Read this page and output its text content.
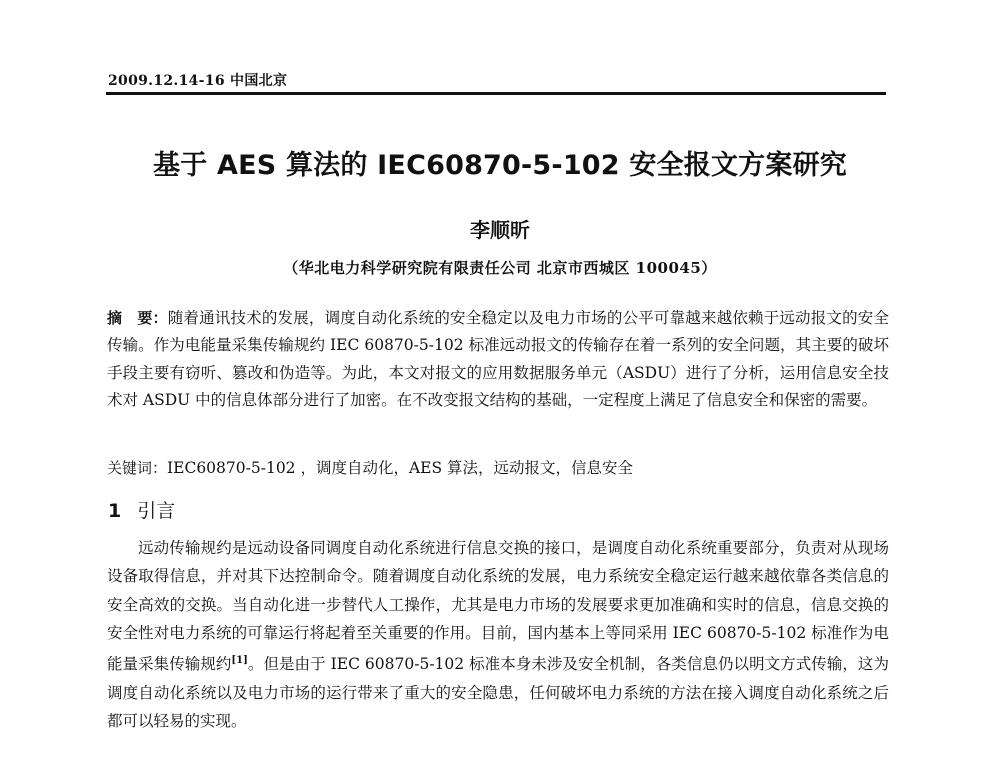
2009.12.14-16 中国北京
基于 AES 算法的 IEC60870-5-102 安全报文方案研究
李顺昕
（华北电力科学研究院有限责任公司 北京市西城区 100045）
摘　要：随着通讯技术的发展，调度自动化系统的安全稳定以及电力市场的公平可靠越来越依赖于远动报文的安全传输。作为电能量采集传输规约 IEC 60870-5-102 标准远动报文的传输存在着一系列的安全问题，其主要的破坏手段主要有窃听、篡改和伪造等。为此，本文对报文的应用数据服务单元（ASDU）进行了分析，运用信息安全技术对 ASDU 中的信息体部分进行了加密。在不改变报文结构的基础，一定程度上满足了信息安全和保密的需要。
关键词：IEC60870-5-102 ，调度自动化，AES 算法，远动报文，信息安全
1 引言

远动传输规约是远动设备同调度自动化系统进行信息交换的接口，是调度自动化系统重要部分，负责对从现场设备取得信息，并对其下达控制命令。随着调度自动化系统的发展，电力系统安全稳定运行越来越依靠各类信息的安全高效的交换。当自动化进一步替代人工操作，尤其是电力市场的发展要求更加准确和实时的信息，信息交换的安全性对电力系统的可靠运行将起着至关重要的作用。目前，国内基本上等同采用 IEC 60870-5-102 标准作为电能量采集传输规约[1]。但是由于 IEC 60870-5-102 标准本身未涉及安全机制，各类信息仍以明文方式传输，这为调度自动化系统以及电力市场的运行带来了重大的安全隐患，任何破坏电力系统的方法在接入调度自动化系统之后都可以轻易的实现。
